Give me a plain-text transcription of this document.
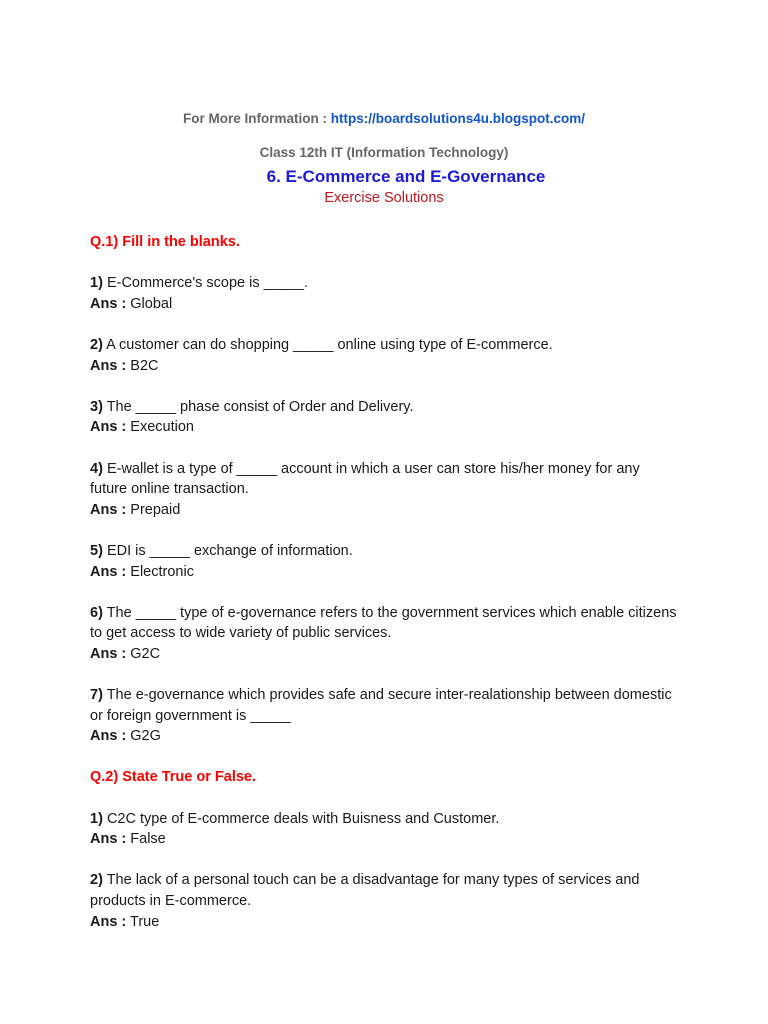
For More Information : https://boardsolutions4u.blogspot.com/
Class 12th IT (Information Technology)
6. E-Commerce and E-Governance
Exercise Solutions
Q.1) Fill in the blanks.

1) E-Commerce's scope is _____.

Ans : Global

2) A customer can do shopping _____ online using type of E-commerce.

Ans : B2C

3) The _____ phase consist of Order and Delivery.

Ans : Execution

4) E-wallet is a type of _____ account in which a user can store his/her money for any future online transaction.

Ans : Prepaid

5) EDI is _____ exchange of information.

Ans : Electronic

6) The _____ type of e-governance refers to the government services which enable citizens to get access to wide variety of public services.

Ans : G2C

7) The e-governance which provides safe and secure inter-realationship between domestic or foreign government is _____

Ans : G2G

Q.2) State True or False.

1) C2C type of E-commerce deals with Buisness and Customer.

Ans : False

2) The lack of a personal touch can be a disadvantage for many types of services and products in E-commerce.

Ans : True
